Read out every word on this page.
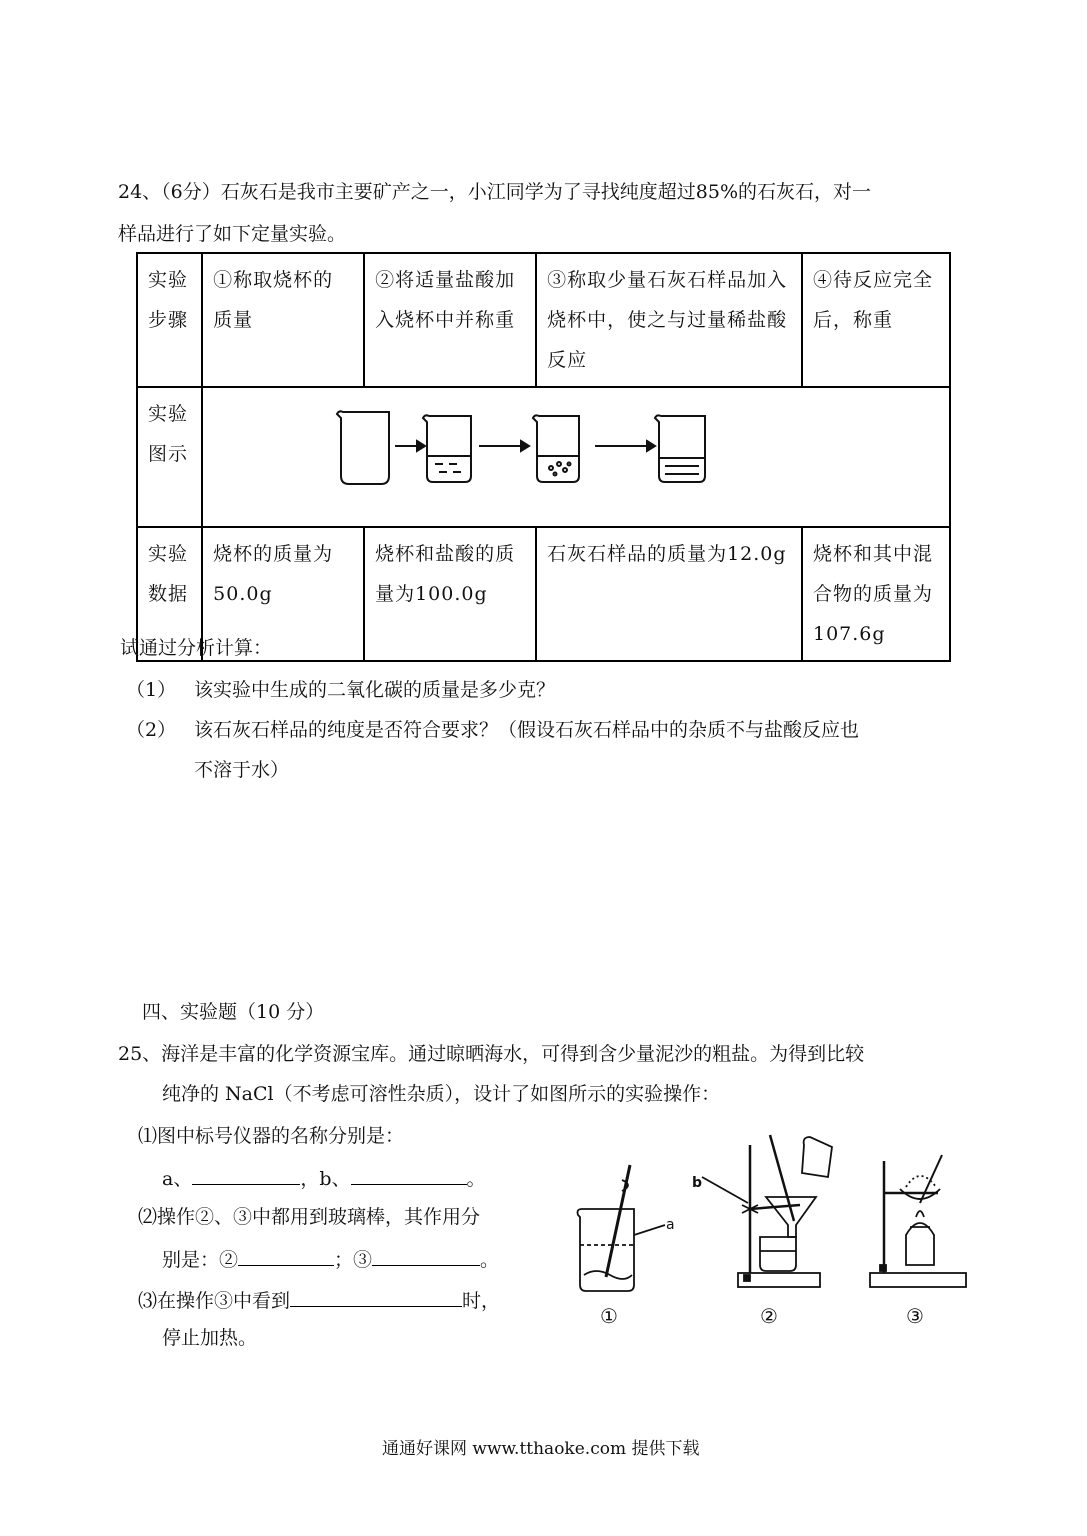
24、（6分）石灰石是我市主要矿产之一，小江同学为了寻找纯度超过85%的石灰石，对一
样品进行了如下定量实验。
实验步骤	①称取烧杯的质量	②将适量盐酸加入烧杯中并称重	③称取少量石灰石样品加入烧杯中，使之与过量稀盐酸反应	④待反应完全后，称重
实验图示	
实验数据	烧杯的质量为50.0g	烧杯和盐酸的质量为100.0g	石灰石样品的质量为12.0g	烧杯和其中混合物的质量为107.6g
试通过分析计算：
（1） 该实验中生成的二氧化碳的质量是多少克？
（2） 该石灰石样品的纯度是否符合要求？（假设石灰石样品中的杂质不与盐酸反应也
不溶于水）
四、实验题（10 分）
25、海洋是丰富的化学资源宝库。通过晾晒海水，可得到含少量泥沙的粗盐。为得到比较
纯净的 NaCl（不考虑可溶性杂质），设计了如图所示的实验操作：
⑴图中标号仪器的名称分别是：
a、	，b、	。
⑵操作②、③中都用到玻璃棒，其作用分
别是：②	；③	。
⑶在操作③中看到	时，
停止加热。
a
b
①	②	③
通通好课网 www.tthaoke.com 提供下载
